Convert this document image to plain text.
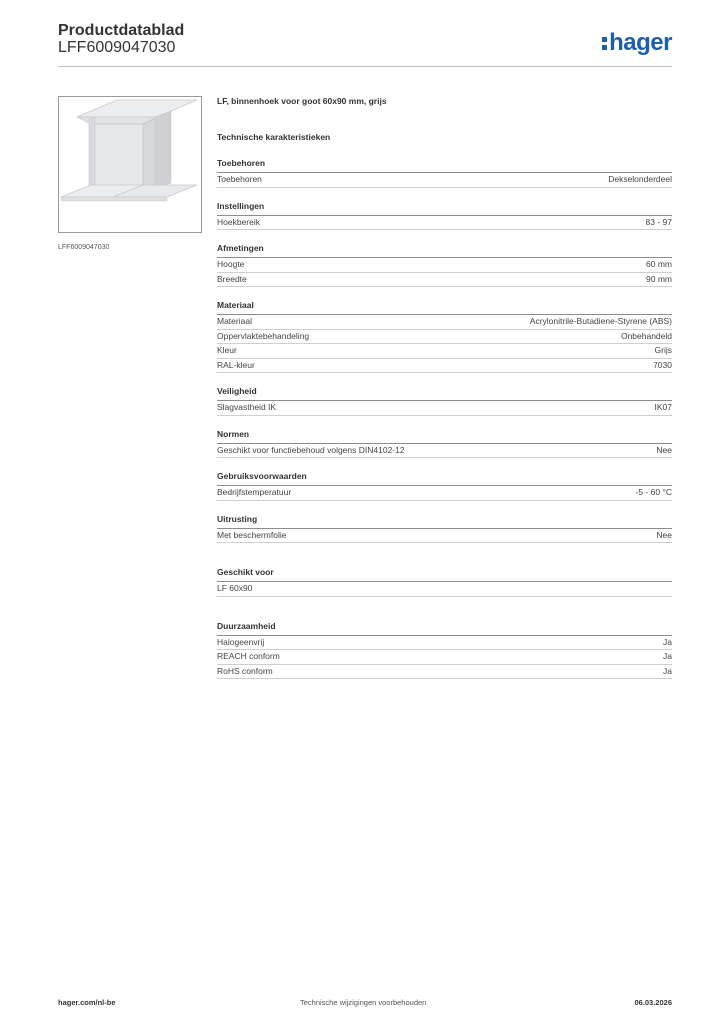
Productdatablad
LFF6009047030	hager
LFF6009047030
LF, binnenhoek voor goot 60x90 mm, grijs
Technische karakteristieken
Toebehoren
Toebehoren	Dekselonderdeel
Instellingen
Hoekbereik	83 - 97
Afmetingen
Hoogte	60 mm
Breedte	90 mm
Materiaal
Materiaal	Acrylonitrile-Butadiene-Styrene (ABS)
Oppervlaktebehandeling	Onbehandeld
Kleur	Grijs
RAL-kleur	7030
Veiligheid
Slagvastheid IK	IK07
Normen
Geschikt voor functiebehoud volgens DIN4102-12	Nee
Gebruiksvoorwaarden
Bedrijfstemperatuur	-5 - 60 °C
Uitrusting
Met beschermfolie	Nee
Geschikt voor
LF 60x90
Duurzaamheid
Halogeenvrij	Ja
REACH conform	Ja
RoHS conform	Ja
hager.com/nl-be	Technische wijzigingen voorbehouden	06.03.2026
